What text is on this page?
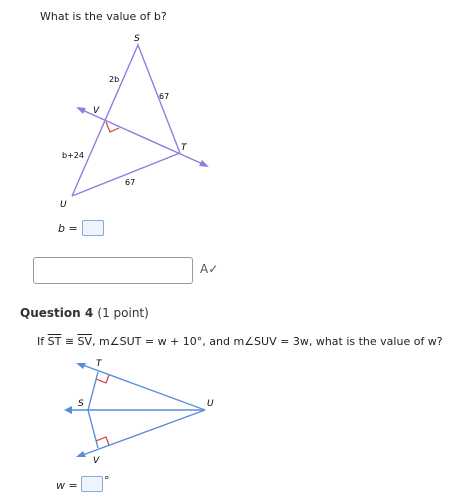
What is the value of b?
S
V
T
U
2b
67
67
b+24
b =
A✓
Question 4 (1 point)
If $\overline{ST}$ ≅ $\overline{SV}$, m∠SUT = w + 10°, and m∠SUV = 3w, what is the value of w?
T
S	U
V
w = °
